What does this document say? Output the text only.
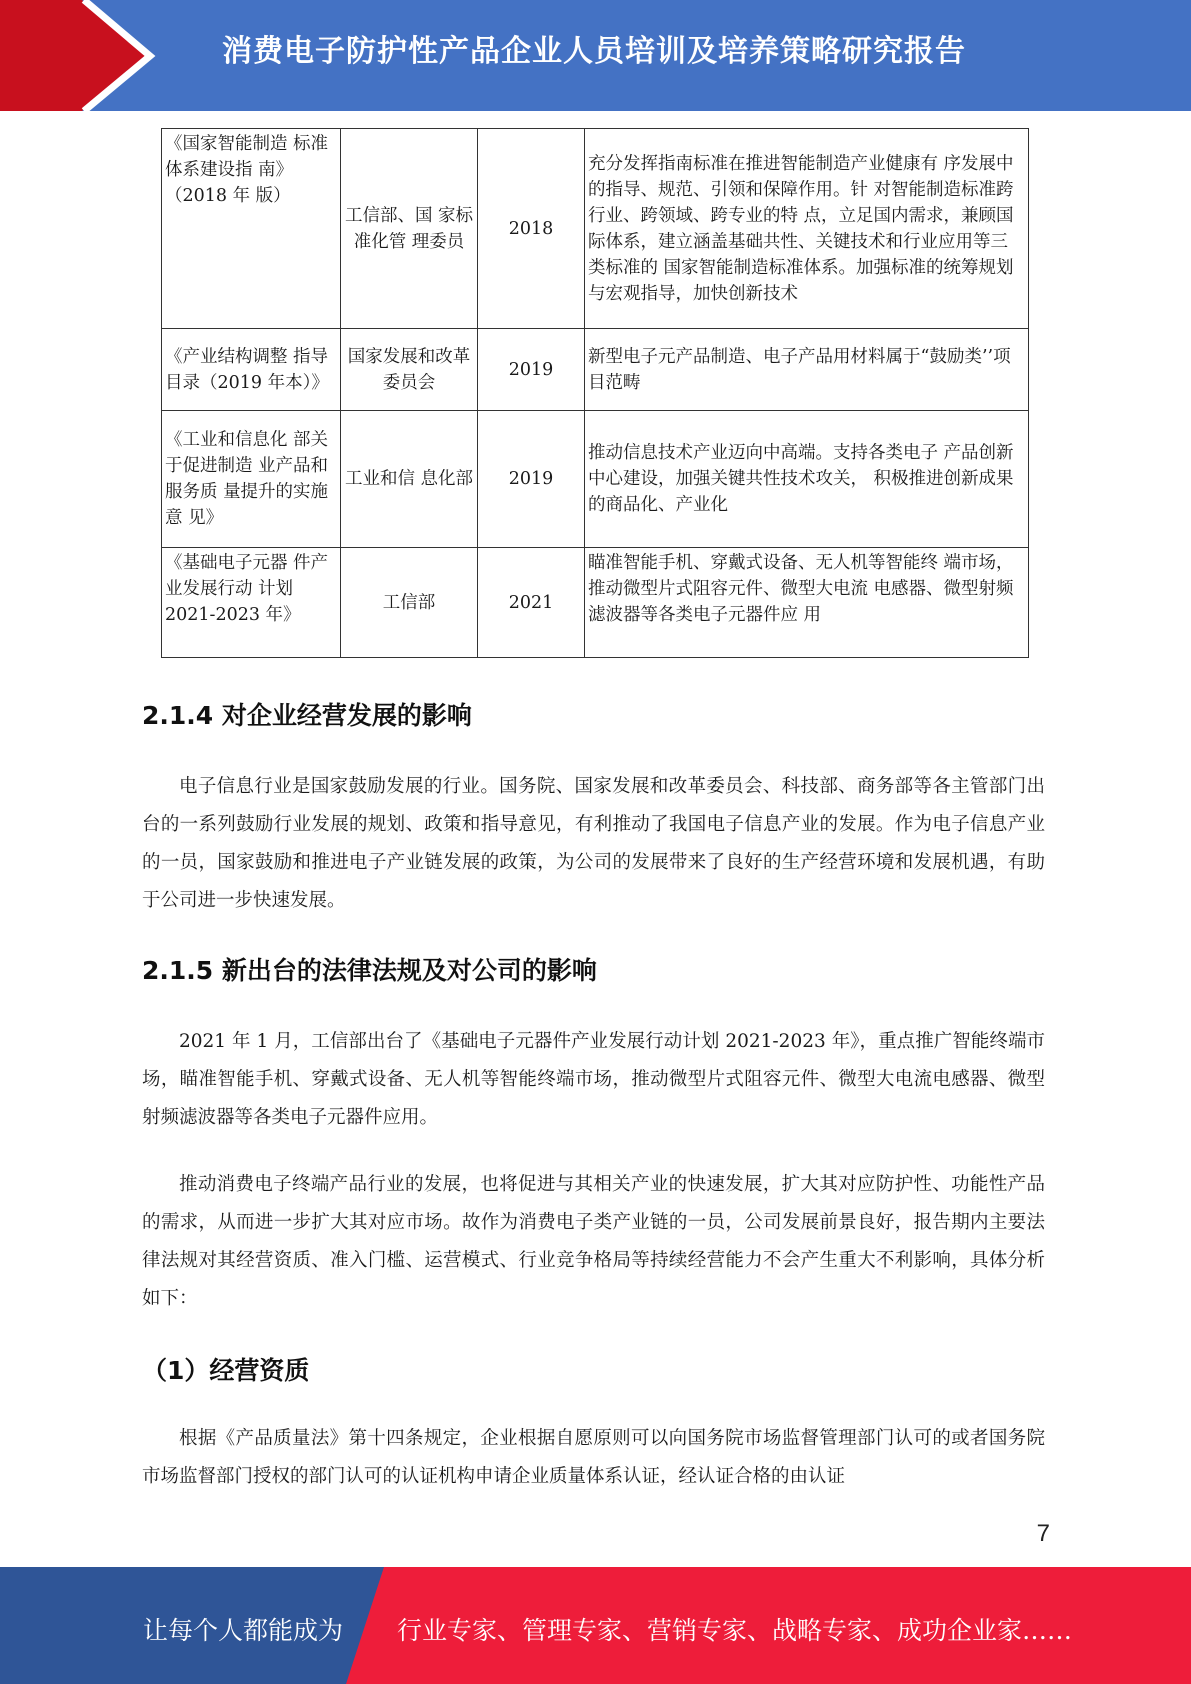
消费电子防护性产品企业人员培训及培养策略研究报告
《国家智能制造 标准体系建设指 南》（2018 年 版）	工信部、国 家标准化管 理委员	2018	充分发挥指南标准在推进智能制造产业健康有 序发展中的指导、规范、引领和保障作用。针 对智能制造标准跨行业、跨领域、跨专业的特 点，立足国内需求，兼顾国际体系，建立涵盖基础共性、关键技术和行业应用等三类标准的 国家智能制造标准体系。加强标准的统筹规划 与宏观指导，加快创新技术
《产业结构调整 指导目录（2019 年本）》	国家发展和改革委员会	2019	新型电子元产品制造、电子产品用材料属于“鼓励类’’项目范畴
《工业和信息化 部关于促进制造 业产品和服务质 量提升的实施意 见》	工业和信 息化部	2019	推动信息技术产业迈向中高端。支持各类电子 产品创新中心建设，加强关键共性技术攻关， 积极推进创新成果的商品化、产业化
《基础电子元器 件产业发展行动 计划 2021-2023 年》	工信部	2021	瞄准智能手机、穿戴式设备、无人机等智能终 端市场，推动微型片式阻容元件、微型大电流 电感器、微型射频滤波器等各类电子元器件应 用
2.1.4 对企业经营发展的影响

电子信息行业是国家鼓励发展的行业。国务院、国家发展和改革委员会、科技部、商务部等各主管部门出台的一系列鼓励行业发展的规划、政策和指导意见，有利推动了我国电子信息产业的发展。作为电子信息产业的一员，国家鼓励和推进电子产业链发展的政策，为公司的发展带来了良好的生产经营环境和发展机遇，有助于公司进一步快速发展。

2.1.5 新出台的法律法规及对公司的影响

2021 年 1 月，工信部出台了《基础电子元器件产业发展行动计划 2021-2023 年》，重点推广智能终端市场，瞄准智能手机、穿戴式设备、无人机等智能终端市场，推动微型片式阻容元件、微型大电流电感器、微型射频滤波器等各类电子元器件应用。

推动消费电子终端产品行业的发展，也将促进与其相关产业的快速发展，扩大其对应防护性、功能性产品的需求，从而进一步扩大其对应市场。故作为消费电子类产业链的一员，公司发展前景良好，报告期内主要法律法规对其经营资质、准入门槛、运营模式、行业竞争格局等持续经营能力不会产生重大不利影响，具体分析如下：

（1）经营资质

根据《产品质量法》第十四条规定，企业根据自愿原则可以向国务院市场监督管理部门认可的或者国务院市场监督部门授权的部门认可的认证机构申请企业质量体系认证，经认证合格的由认证

7
让每个人都能成为 行业专家、管理专家、营销专家、战略专家、成功企业家……
